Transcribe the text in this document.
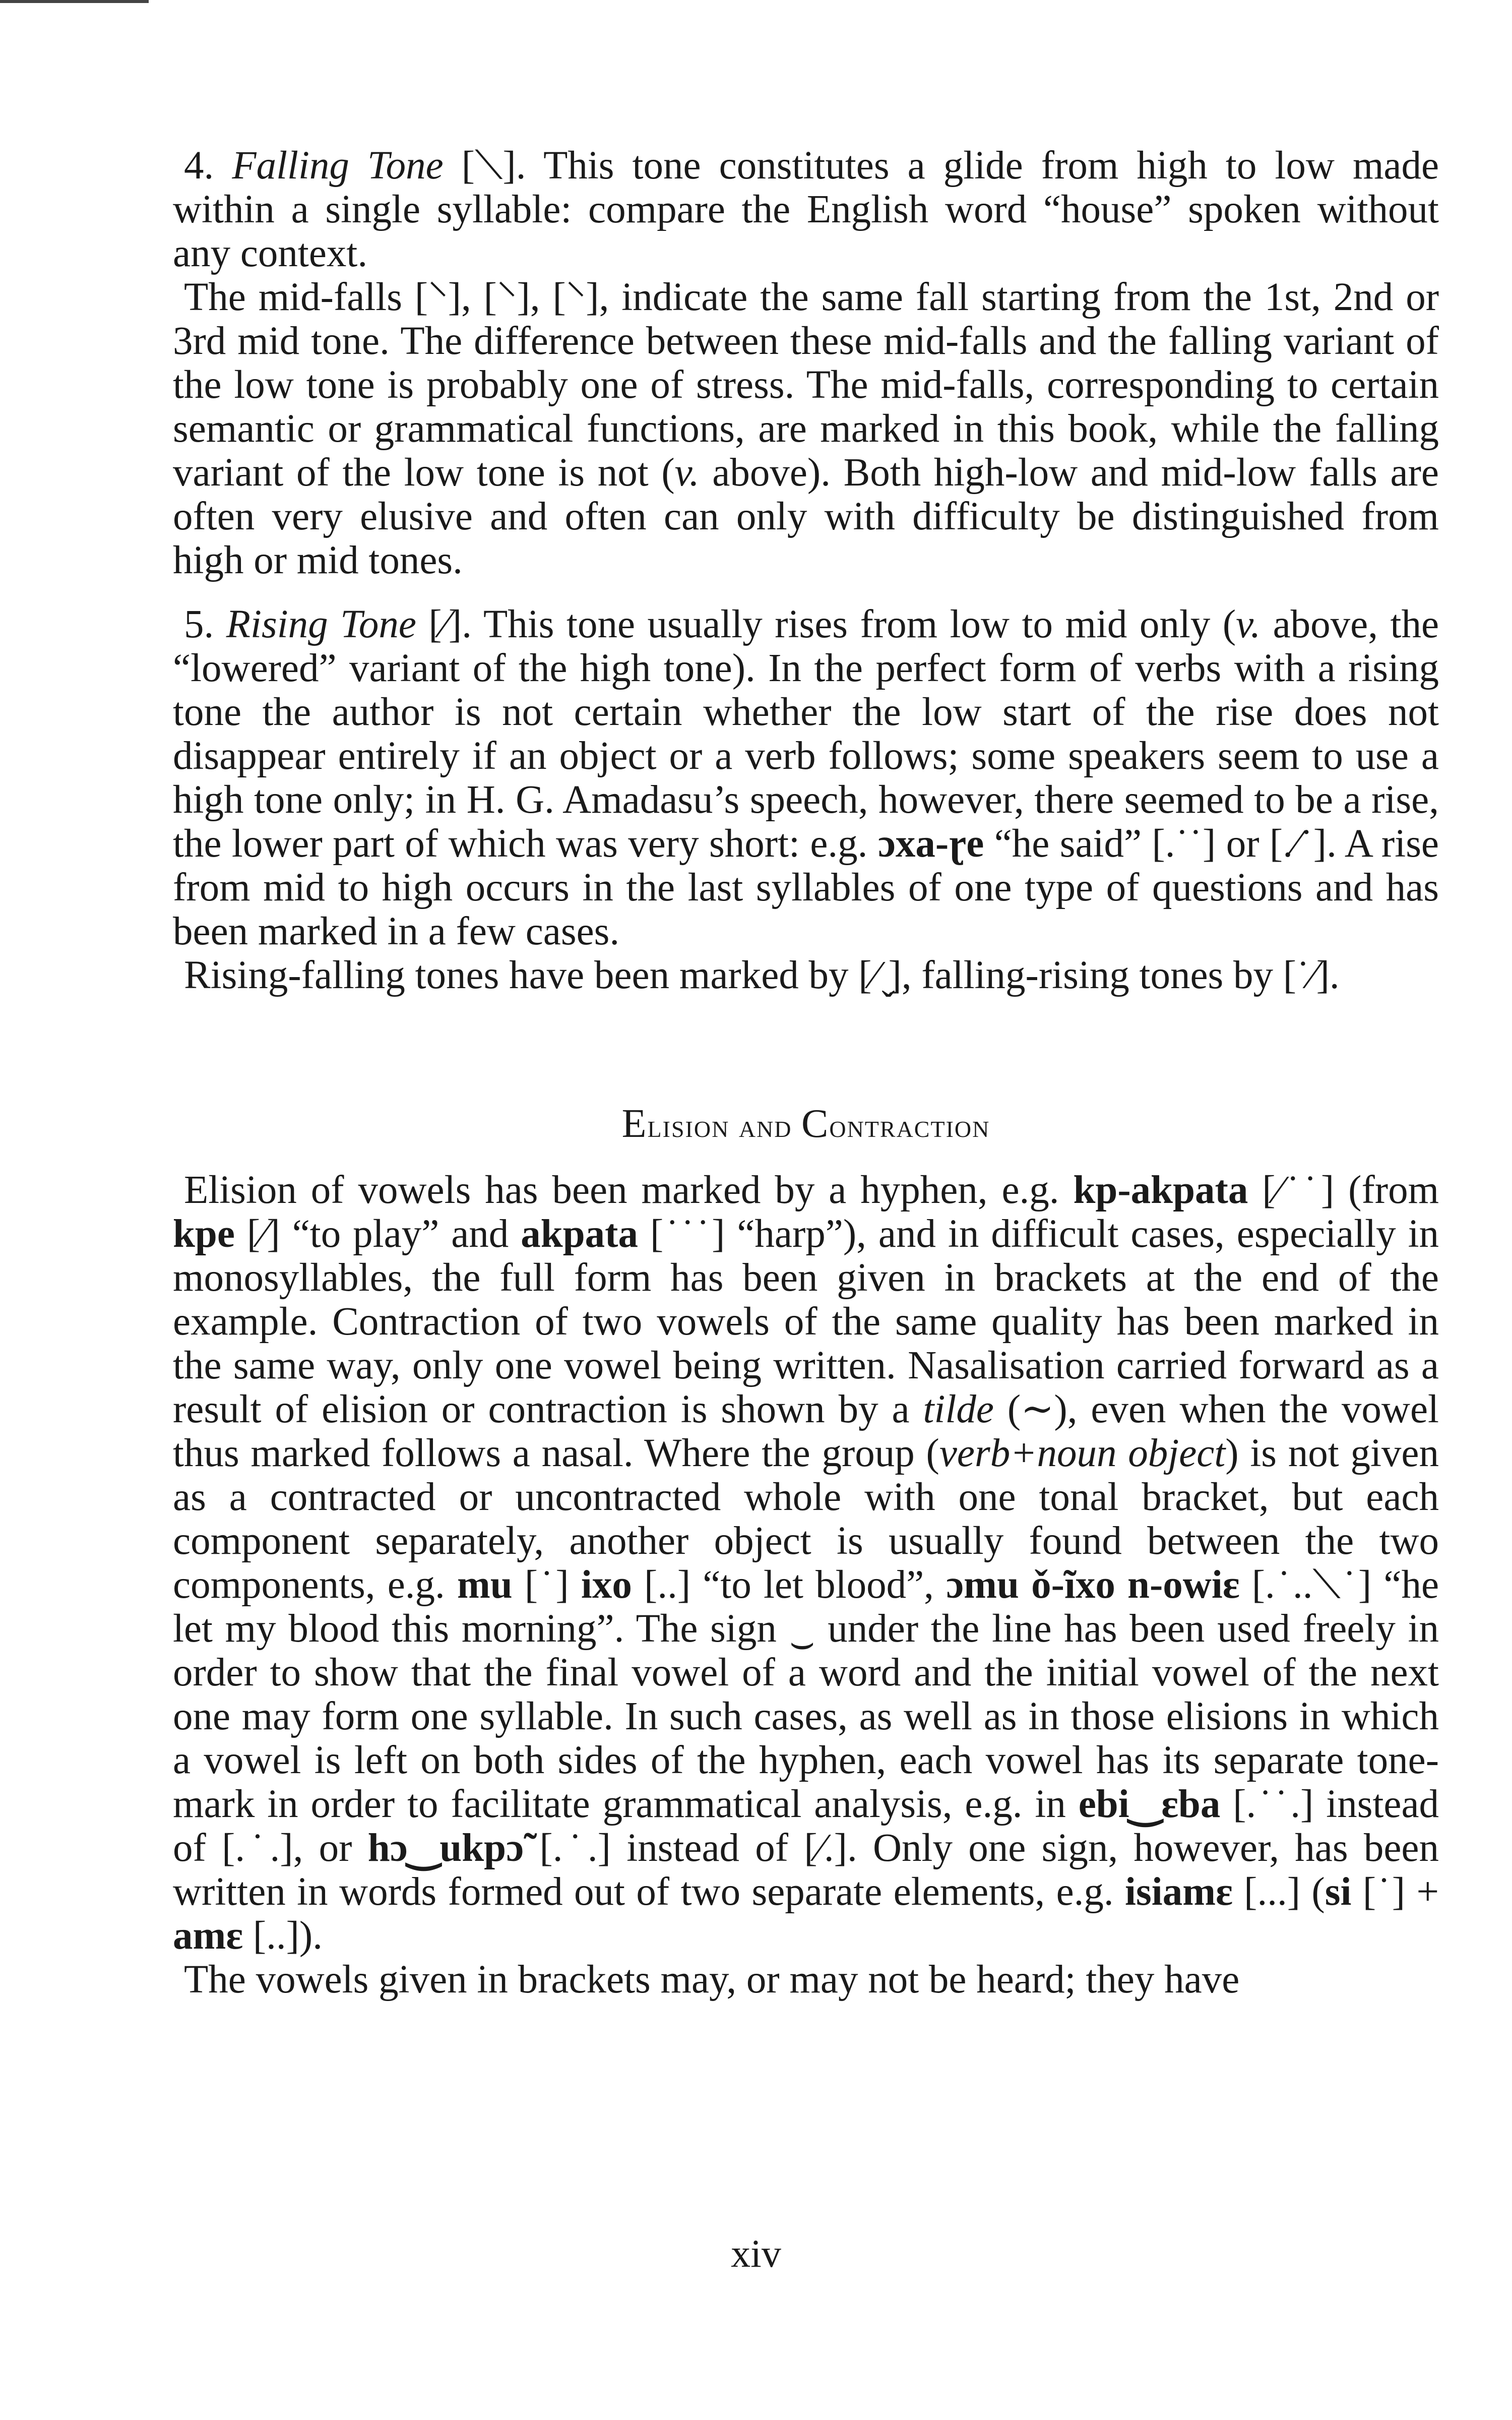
4. Falling Tone [⟍]. This tone constitutes a glide from high to low made within a single syllable: compare the English word “house” spoken without any context.

The mid-falls [⸌], [⸌], [⸌], indicate the same fall starting from the 1st, 2nd or 3rd mid tone. The difference between these mid-falls and the falling variant of the low tone is probably one of stress. The mid-falls, corresponding to certain semantic or grammatical functions, are marked in this book, while the falling variant of the low tone is not (v. above). Both high-low and mid-low falls are often very elusive and often can only with difficulty be distinguished from high or mid tones.

5. Rising Tone [⁄]. This tone usually rises from low to mid only (v. above, the “lowered” variant of the high tone). In the perfect form of verbs with a rising tone the author is not certain whether the low start of the rise does not disappear entirely if an object or a verb follows; some speakers seem to use a high tone only; in H. G. Amadasu’s speech, however, there seemed to be a rise, the lower part of which was very short: e.g. ɔxa-ɽe “he said” [.˙˙] or [.⁄˙]. A rise from mid to high occurs in the last syllables of one type of questions and has been marked in a few cases.

Rising-falling tones have been marked by [⁄ ̬], falling-rising tones by [˙⁄].

Elision and Contraction

Elision of vowels has been marked by a hyphen, e.g. kp-akpata [⁄˙˙] (from kpe [⁄] “to play” and akpata [˙˙˙] “harp”), and in difficult cases, especially in monosyllables, the full form has been given in brackets at the end of the example. Contraction of two vowels of the same quality has been marked in the same way, only one vowel being written. Nasalisation carried forward as a result of elision or contraction is shown by a tilde (∼), even when the vowel thus marked follows a nasal. Where the group (verb+noun object) is not given as a contracted or uncontracted whole with one tonal bracket, but each component separately, another object is usually found between the two components, e.g. mu [˙] ixo [..] “to let blood”, ɔmu ǒ-ĩxo n-owiɛ [.˙..⟍˙] “he let my blood this morning”. The sign ‿ under the line has been used freely in order to show that the final vowel of a word and the initial vowel of the next one may form one syllable. In such cases, as well as in those elisions in which a vowel is left on both sides of the hyphen, each vowel has its separate tone-mark in order to facilitate grammatical analysis, e.g. in ebi‿ɛba [.˙˙.] instead of [.˙.], or hɔ‿ukpɔ̃ [.˙.] instead of [⁄.]. Only one sign, however, has been written in words formed out of two separate elements, e.g. isiamɛ [...] (si [˙] + amɛ [..]).

The vowels given in brackets may, or may not be heard; they have

xiv
